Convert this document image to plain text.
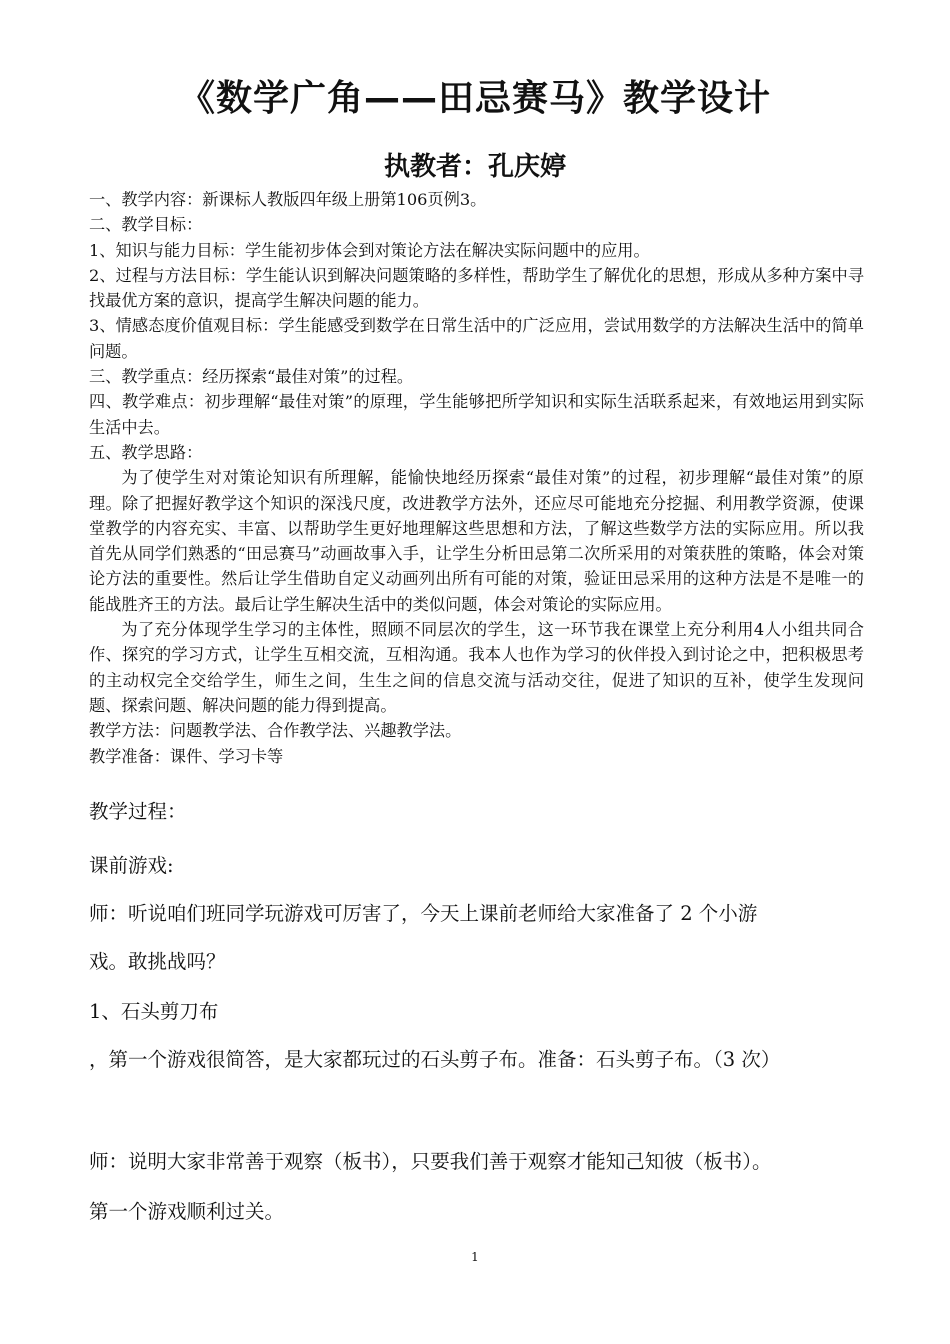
《数学广角——田忌赛马》教学设计
执教者：孔庆婷

一、教学内容：新课标人教版四年级上册第106页例3。

二、教学目标：

1、知识与能力目标：学生能初步体会到对策论方法在解决实际问题中的应用。

2、过程与方法目标：学生能认识到解决问题策略的多样性，帮助学生了解优化的思想，形成从多种方案中寻找最优方案的意识，提高学生解决问题的能力。

3、情感态度价值观目标：学生能感受到数学在日常生活中的广泛应用，尝试用数学的方法解决生活中的简单问题。

三、教学重点：经历探索“最佳对策”的过程。

四、教学难点：初步理解“最佳对策”的原理，学生能够把所学知识和实际生活联系起来，有效地运用到实际生活中去。

五、教学思路：

为了使学生对对策论知识有所理解，能愉快地经历探索“最佳对策”的过程，初步理解“最佳对策”的原理。除了把握好教学这个知识的深浅尺度，改进教学方法外，还应尽可能地充分挖掘、利用教学资源，使课堂教学的内容充实、丰富、以帮助学生更好地理解这些思想和方法，了解这些数学方法的实际应用。所以我首先从同学们熟悉的“田忌赛马”动画故事入手，让学生分析田忌第二次所采用的对策获胜的策略，体会对策论方法的重要性。然后让学生借助自定义动画列出所有可能的对策，验证田忌采用的这种方法是不是唯一的能战胜齐王的方法。最后让学生解决生活中的类似问题，体会对策论的实际应用。

为了充分体现学生学习的主体性，照顾不同层次的学生，这一环节我在课堂上充分利用4人小组共同合作、探究的学习方式，让学生互相交流，互相沟通。我本人也作为学习的伙伴投入到讨论之中，把积极思考的主动权完全交给学生，师生之间，生生之间的信息交流与活动交往，促进了知识的互补，使学生发现问题、探索问题、解决问题的能力得到提高。

教学方法：问题教学法、合作教学法、兴趣教学法。

教学准备：课件、学习卡等

教学过程：

课前游戏:

师：听说咱们班同学玩游戏可厉害了，今天上课前老师给大家准备了 2 个小游

戏。敢挑战吗？

1、石头剪刀布

，第一个游戏很简答，是大家都玩过的石头剪子布。准备：石头剪子布。（3 次）

师：说明大家非常善于观察（板书），只要我们善于观察才能知己知彼（板书）。

第一个游戏顺利过关。

1
